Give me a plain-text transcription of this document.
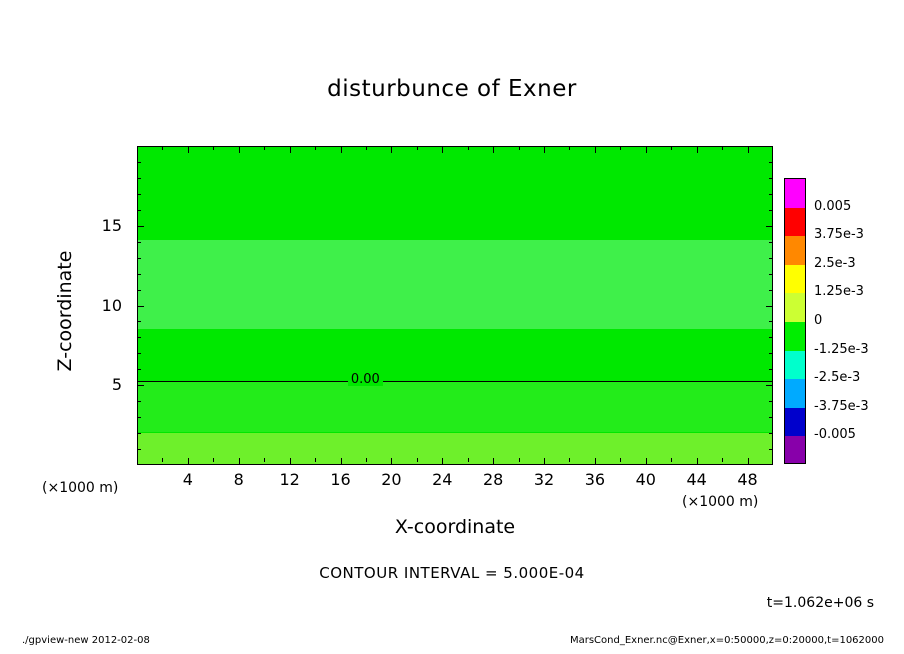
disturbunce of Exner
0.00
X-coordinate
Z-coordinate
(×1000 m)
(×1000 m)
4	8	12	16	20	24	28	32	36	40	44	48
5
10
15
0.005
3.75e-3
2.5e-3
1.25e-3
0
-1.25e-3
-2.5e-3
-3.75e-3
-0.005
CONTOUR INTERVAL = 5.000E-04
t=1.062e+06 s
./gpview-new 2012-02-08	MarsCond_Exner.nc@Exner,x=0:50000,z=0:20000,t=1062000
